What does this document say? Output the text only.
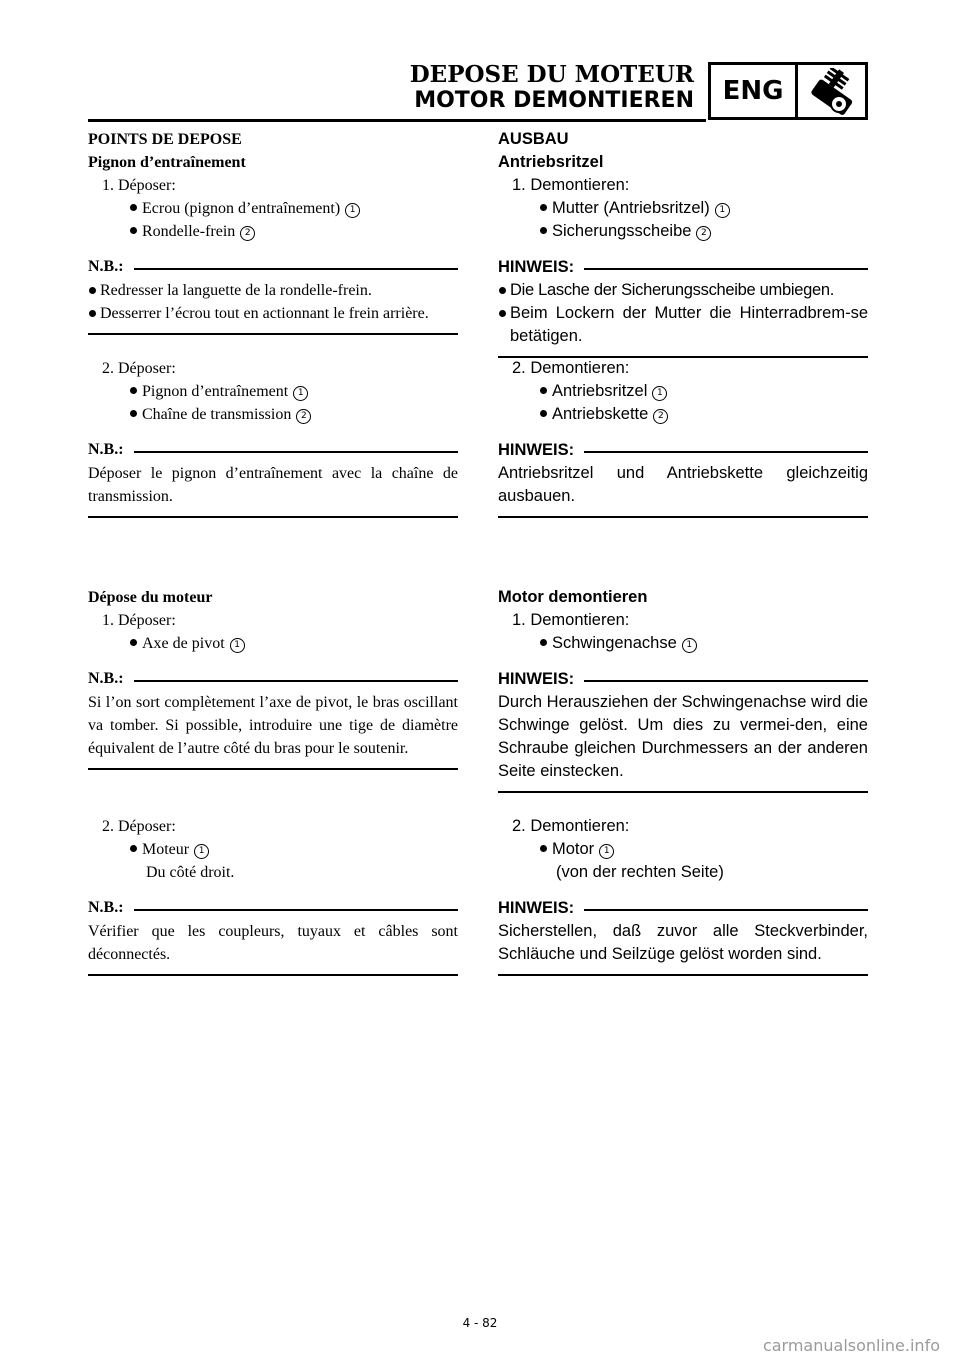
DEPOSE DU MOTEUR
MOTOR DEMONTIEREN	ENG
POINTS DE DEPOSE
Pignon d’entraînement
1. Déposer:
Ecrou (pignon d’entraînement) 1
Rondelle-frein 2
N.B.:
Redresser la languette de la rondelle-frein.
Desserrer l’écrou tout en actionnant le frein arrière.
2. Déposer:
Pignon d’entraînement 1
Chaîne de transmission 2
N.B.:
Déposer le pignon d’entraînement avec la chaîne de transmission.
Dépose du moteur
1. Déposer:
Axe de pivot 1
N.B.:
Si l’on sort complètement l’axe de pivot, le bras oscillant va tomber. Si possible, introduire une tige de diamètre équivalent de l’autre côté du bras pour le soutenir.
2. Déposer:
Moteur 1
Du côté droit.
N.B.:
Vérifier que les coupleurs, tuyaux et câbles sont déconnectés.
AUSBAU
Antriebsritzel
1. Demontieren:
Mutter (Antriebsritzel) 1
Sicherungsscheibe 2
HINWEIS:
Die Lasche der Sicherungsscheibe umbiegen.
Beim Lockern der Mutter die Hinterradbrem-se betätigen.
2. Demontieren:
Antriebsritzel 1
Antriebskette 2
HINWEIS:
Antriebsritzel und Antriebskette gleichzeitig ausbauen.
Motor demontieren
1. Demontieren:
Schwingenachse 1
HINWEIS:
Durch Herausziehen der Schwingenachse wird die Schwinge gelöst. Um dies zu vermei-den, eine Schraube gleichen Durchmessers an der anderen Seite einstecken.
2. Demontieren:
Motor 1
(von der rechten Seite)
HINWEIS:
Sicherstellen, daß zuvor alle Steckverbinder, Schläuche und Seilzüge gelöst worden sind.
4 - 82
carmanualsonline.info
